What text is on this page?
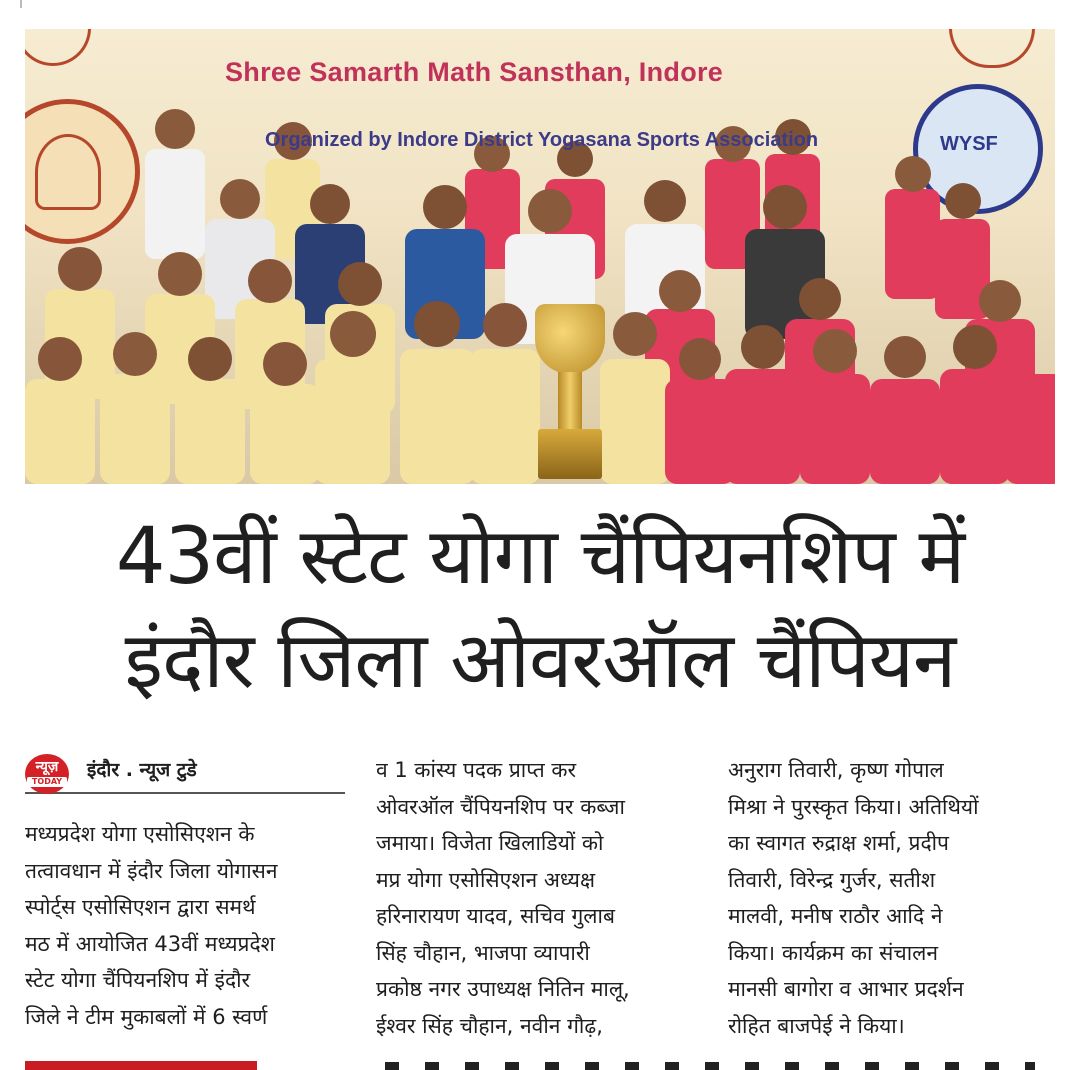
Shree Samarth Math Sansthan, Indore
WYSF
Organized by Indore District Yogasana Sports Association
43वीं स्टेट योगा चैंपियनशिप में
इंदौर जिला ओवरऑल चैंपियन
न्यूज़
TODAY
इंदौर . न्यूज टुडे

मध्यप्रदेश योगा एसोसिएशन के

तत्वावधान में इंदौर जिला योगासन

स्पोर्ट्स एसोसिएशन द्वारा समर्थ

मठ में आयोजित 43वीं मध्यप्रदेश

स्टेट योगा चैंपियनशिप में इंदौर

जिले ने टीम मुकाबलों में 6 स्वर्ण

व 1 कांस्य पदक प्राप्त कर

ओवरऑल चैंपियनशिप पर कब्जा

जमाया। विजेता खिलाडियों को

मप्र योगा एसोसिएशन अध्यक्ष

हरिनारायण यादव, सचिव गुलाब

सिंह चौहान, भाजपा व्यापारी

प्रकोष्ठ नगर उपाध्यक्ष नितिन मालू,

ईश्वर सिंह चौहान, नवीन गौढ़,

अनुराग तिवारी, कृष्ण गोपाल

मिश्रा ने पुरस्कृत किया। अतिथियों

का स्वागत रुद्राक्ष शर्मा, प्रदीप

तिवारी, विरेन्द्र गुर्जर, सतीश

मालवी, मनीष राठौर आदि ने

किया। कार्यक्रम का संचालन

मानसी बागोरा व आभार प्रदर्शन

रोहित बाजपेई ने किया।
